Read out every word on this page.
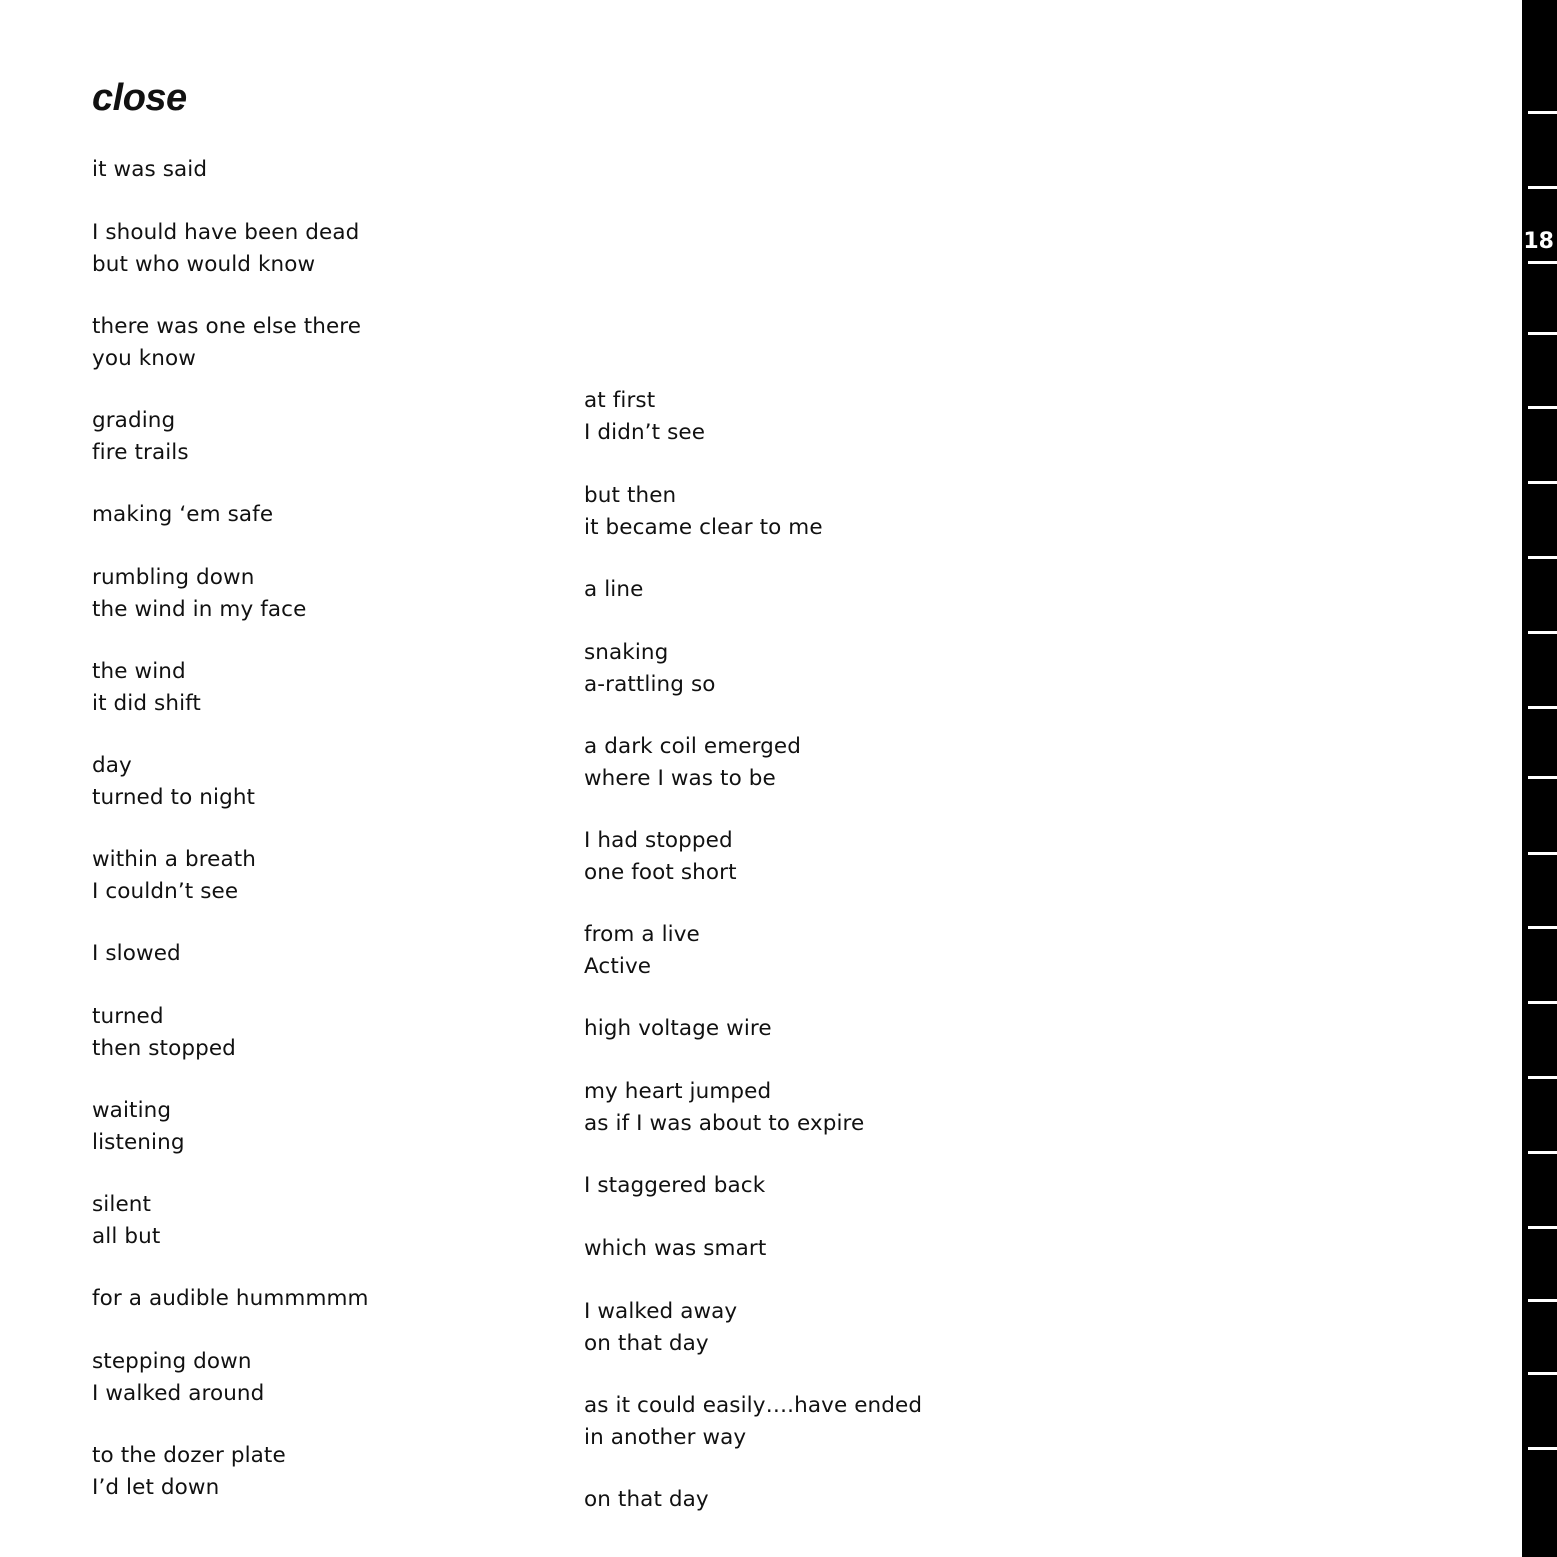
close

it was said

I should have been dead
but who would know

there was one else there
you know

grading
fire trails

making ‘em safe

rumbling down
the wind in my face

the wind
it did shift

day
turned to night

within a breath
I couldn’t see

I slowed

turned
then stopped

waiting
listening

silent
all but

for a audible hummmmm

stepping down
I walked around

to the dozer plate
I’d let down

at first
I didn’t see

but then
it became clear to me

a line

snaking
a-rattling so

a dark coil emerged
where I was to be

I had stopped
one foot short

from a live
Active

high voltage wire

my heart jumped
as if I was about to expire

I staggered back

which was smart

I walked away
on that day

as it could easily….have ended
in another way

on that day

18
